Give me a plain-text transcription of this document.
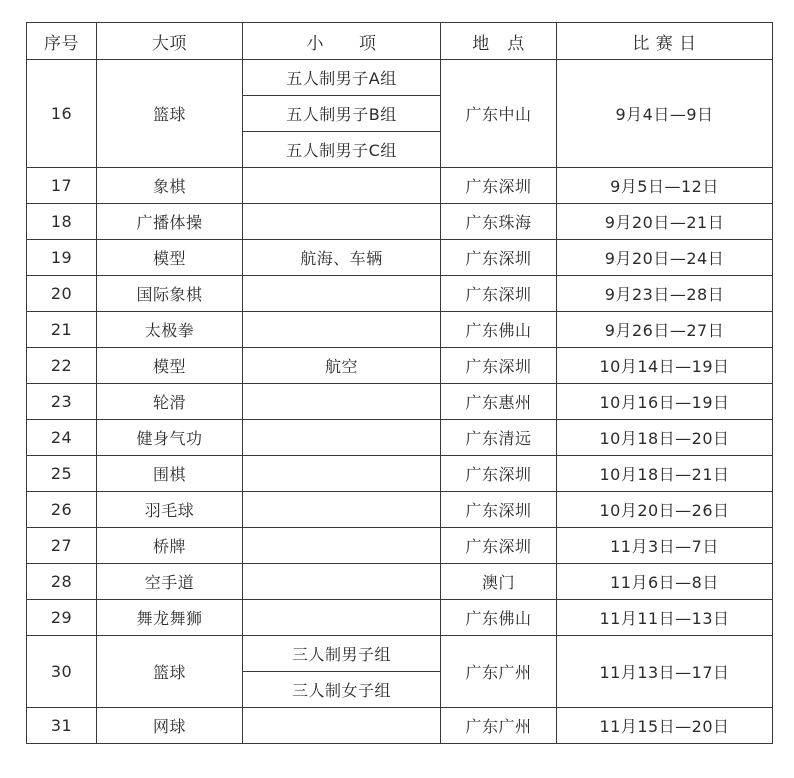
序号	大项	小　　项	地　点	比 赛 日
16	篮球	五人制男子A组	广东中山	9月4日—9日
		五人制男子B组		
		五人制男子C组		
17	象棋		广东深圳	9月5日—12日
18	广播体操		广东珠海	9月20日—21日
19	模型	航海、车辆	广东深圳	9月20日—24日
20	国际象棋		广东深圳	9月23日—28日
21	太极拳		广东佛山	9月26日—27日
22	模型	航空	广东深圳	10月14日—19日
23	轮滑		广东惠州	10月16日—19日
24	健身气功		广东清远	10月18日—20日
25	围棋		广东深圳	10月18日—21日
26	羽毛球		广东深圳	10月20日—26日
27	桥牌		广东深圳	11月3日—7日
28	空手道		澳门	11月6日—8日
29	舞龙舞狮		广东佛山	11月11日—13日
30	篮球	三人制男子组	广东广州	11月13日—17日
		三人制女子组		
31	网球		广东广州	11月15日—20日
